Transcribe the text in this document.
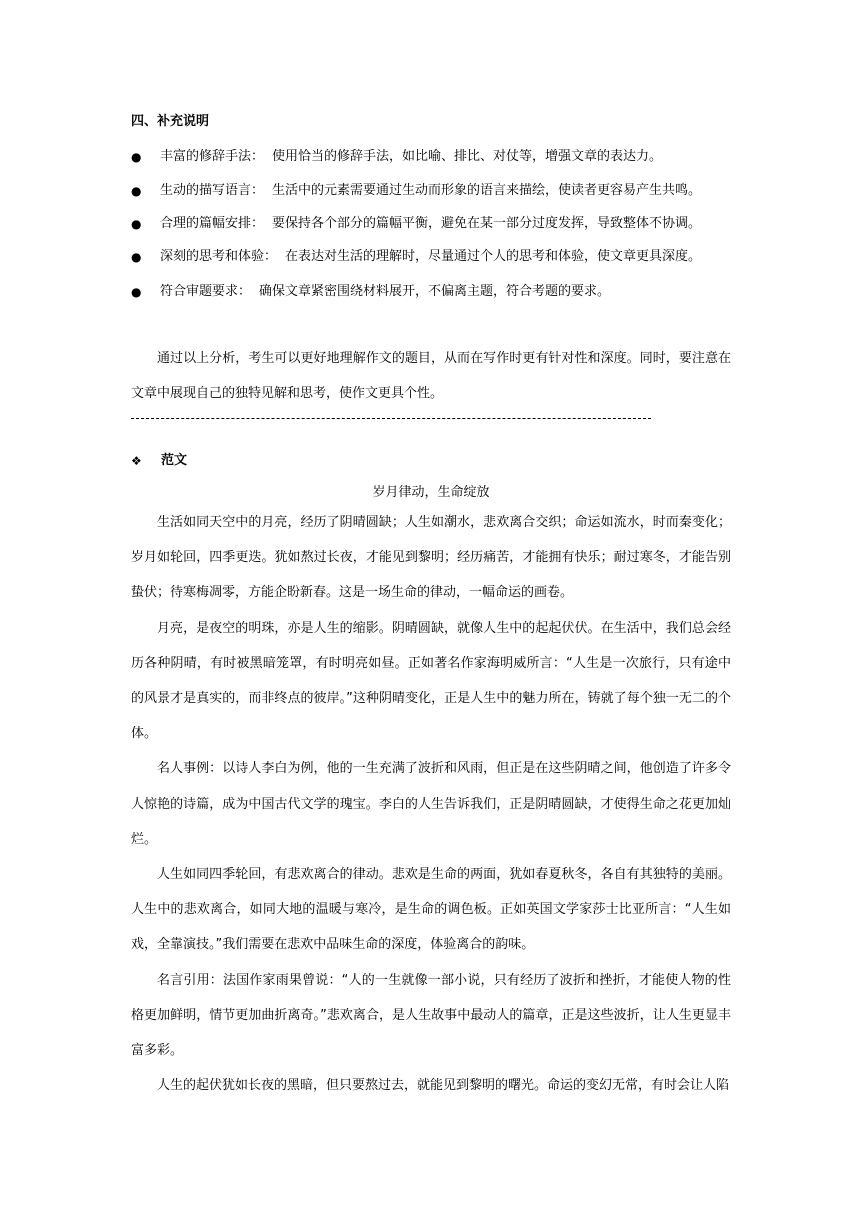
四、补充说明
● 丰富的修辞手法： 使用恰当的修辞手法，如比喻、排比、对仗等，增强文章的表达力。
● 生动的描写语言： 生活中的元素需要通过生动而形象的语言来描绘，使读者更容易产生共鸣。
● 合理的篇幅安排： 要保持各个部分的篇幅平衡，避免在某一部分过度发挥，导致整体不协调。
● 深刻的思考和体验： 在表达对生活的理解时，尽量通过个人的思考和体验，使文章更具深度。
● 符合审题要求： 确保文章紧密围绕材料展开，不偏离主题，符合考题的要求。

通过以上分析，考生可以更好地理解作文的题目，从而在写作时更有针对性和深度。同时，要注意在文章中展现自己的独特见解和思考，使作文更具个性。

❖ 范文
岁月律动，生命绽放

生活如同天空中的月亮，经历了阴晴圆缺；人生如潮水，悲欢离合交织；命运如流水，时而秦变化；岁月如轮回，四季更迭。犹如熬过长夜，才能见到黎明；经历痛苦，才能拥有快乐；耐过寒冬，才能告别蛰伏；待寒梅凋零，方能企盼新春。这是一场生命的律动，一幅命运的画卷。

月亮，是夜空的明珠，亦是人生的缩影。阴晴圆缺，就像人生中的起起伏伏。在生活中，我们总会经历各种阴晴，有时被黑暗笼罩，有时明亮如昼。正如著名作家海明威所言：“人生是一次旅行，只有途中的风景才是真实的，而非终点的彼岸。”这种阴晴变化，正是人生中的魅力所在，铸就了每个独一无二的个体。

名人事例：以诗人李白为例，他的一生充满了波折和风雨，但正是在这些阴晴之间，他创造了许多令人惊艳的诗篇，成为中国古代文学的瑰宝。李白的人生告诉我们，正是阴晴圆缺，才使得生命之花更加灿烂。

人生如同四季轮回，有悲欢离合的律动。悲欢是生命的两面，犹如春夏秋冬，各自有其独特的美丽。人生中的悲欢离合，如同大地的温暖与寒冷，是生命的调色板。正如英国文学家莎士比亚所言：“人生如戏，全靠演技。”我们需要在悲欢中品味生命的深度，体验离合的韵味。

名言引用：法国作家雨果曾说：“人的一生就像一部小说，只有经历了波折和挫折，才能使人物的性格更加鲜明，情节更加曲折离奇。”悲欢离合，是人生故事中最动人的篇章，正是这些波折，让人生更显丰富多彩。

人生的起伏犹如长夜的黑暗，但只要熬过去，就能见到黎明的曙光。命运的变幻无常，有时会让人陷
